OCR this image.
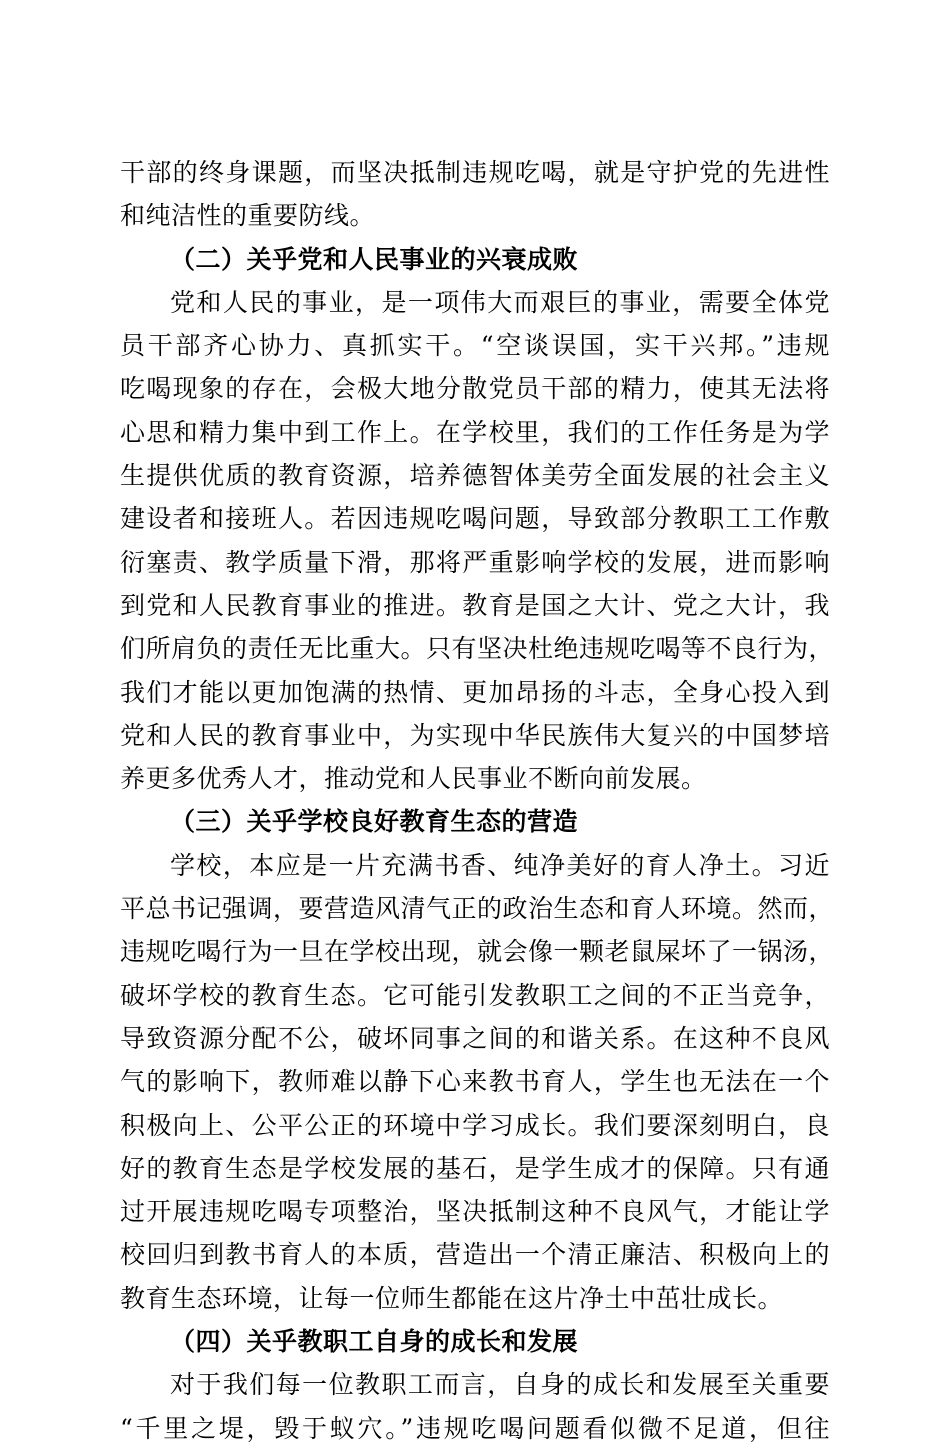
干部的终身课题，而坚决抵制违规吃喝，就是守护党的先进性
和纯洁性的重要防线。
（二）关乎党和人民事业的兴衰成败
党和人民的事业，是一项伟大而艰巨的事业，需要全体党
员干部齐心协力、真抓实干。“空谈误国，实干兴邦。”违规
吃喝现象的存在，会极大地分散党员干部的精力，使其无法将
心思和精力集中到工作上。在学校里，我们的工作任务是为学
生提供优质的教育资源，培养德智体美劳全面发展的社会主义
建设者和接班人。若因违规吃喝问题，导致部分教职工工作敷
衍塞责、教学质量下滑，那将严重影响学校的发展，进而影响
到党和人民教育事业的推进。教育是国之大计、党之大计，我
们所肩负的责任无比重大。只有坚决杜绝违规吃喝等不良行为，
我们才能以更加饱满的热情、更加昂扬的斗志，全身心投入到
党和人民的教育事业中，为实现中华民族伟大复兴的中国梦培
养更多优秀人才，推动党和人民事业不断向前发展。
（三）关乎学校良好教育生态的营造
学校，本应是一片充满书香、纯净美好的育人净土。习近
平总书记强调，要营造风清气正的政治生态和育人环境。然而，
违规吃喝行为一旦在学校出现，就会像一颗老鼠屎坏了一锅汤，
破坏学校的教育生态。它可能引发教职工之间的不正当竞争，
导致资源分配不公，破坏同事之间的和谐关系。在这种不良风
气的影响下，教师难以静下心来教书育人，学生也无法在一个
积极向上、公平公正的环境中学习成长。我们要深刻明白，良
好的教育生态是学校发展的基石，是学生成才的保障。只有通
过开展违规吃喝专项整治，坚决抵制这种不良风气，才能让学
校回归到教书育人的本质，营造出一个清正廉洁、积极向上的
教育生态环境，让每一位师生都能在这片净土中茁壮成长。
（四）关乎教职工自身的成长和发展
对于我们每一位教职工而言，自身的成长和发展至关重要
“千里之堤，毁于蚁穴。”违规吃喝问题看似微不足道，但往
